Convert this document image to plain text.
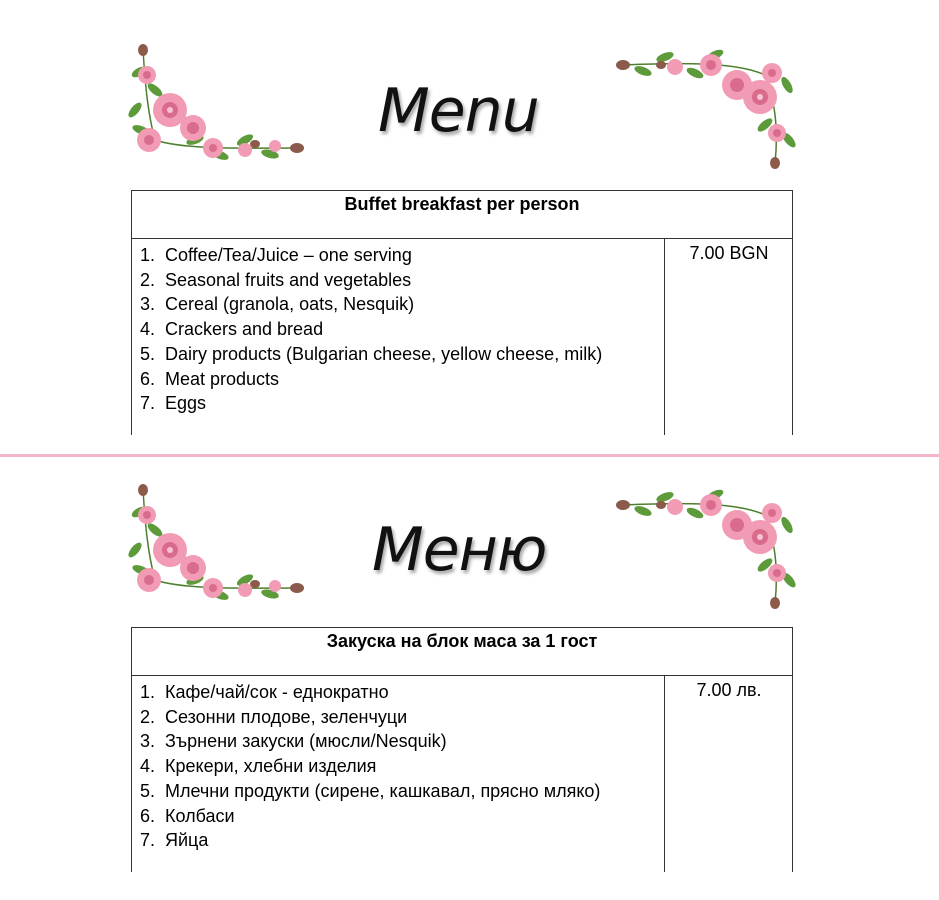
Menu
Buffet breakfast per person
1. Coffee/Tea/Juice – one serving
2. Seasonal fruits and vegetables
3. Cereal (granola, oats, Nesquik)
4. Crackers and bread
5. Dairy products (Bulgarian cheese, yellow cheese, milk)
6. Meat products
7. Eggs
7.00 BGN
Меню
Закуска на блок маса за 1 гост
1. Кафе/чай/сок - еднократно
2. Сезонни плодове, зеленчуци
3. Зърнени закуски (мюсли/Nesquik)
4. Крекери, хлебни изделия
5. Млечни продукти (сирене, кашкавал, прясно мляко)
6. Колбаси
7. Яйца
7.00 лв.
